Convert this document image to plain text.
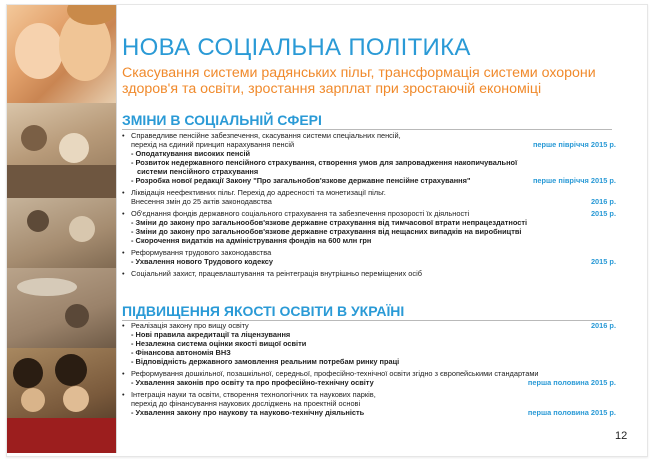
НОВА СОЦІАЛЬНА ПОЛІТИКА
Скасування системи радянських пільг, трансформація системи охорони здоров'я та освіти, зростання зарплат при зростаючій економіці
ЗМІНИ В СОЦІАЛЬНІЙ СФЕРІ
• Справедливе пенсійне забезпечення, скасування системи спеціальних пенсій,
перехід на єдиний принцип нарахування пенсій	перше півріччя 2015 р.
- Оподаткування високих пенсій
- Розвиток недержавного пенсійного страхування, створення умов для запровадження накопичувальної
системи пенсійного страхування
- Розробка нової редакції Закону "Про загальнобов'язкове державне пенсійне страхування"	перше півріччя 2015 р.
• Ліквідація неефективних пільг. Перехід до адресності та монетизації пільг.
Внесення змін до 25 актів законодавства	2016 р.
• Об'єднання фондів державного соціального страхування та забезпечення прозорості їх діяльності	2015 р.
- Зміни до закону про загальнообов'язкове державне страхування від тимчасової втрати непрацездатності
- Зміни до закону про загальнообов'язкове державне страхування від нещасних випадків на виробництві
- Скорочення видатків на адміністрування фондів на 600 млн грн
• Реформування трудового законодавства
- Ухвалення нового Трудового кодексу	2015 р.
• Соціальний захист, працевлаштування та реінтеграція внутрішньо переміщених осіб
ПІДВИЩЕННЯ ЯКОСТІ ОСВІТИ В УКРАЇНІ
• Реалізація закону про вищу освіту	2016 р.
- Нові правила акредитації та ліцензування
- Незалежна система оцінки якості вищої освіти
- Фінансова автономія ВНЗ
- Відповідність державного замовлення реальним потребам ринку праці
• Реформування дошкільної, позашкільної, середньої, професійно-технічної освіти згідно з європейськими стандартами
- Ухвалення законів про освіту та про професійно-технічну освіту	перша половина 2015 р.
• Інтеграція науки та освіти, створення технологічних та наукових парків,
перехід до фінансування наукових досліджень на проектній основі
- Ухвалення закону про наукову та науково-технічну діяльність	перша половина 2015 р.
12
